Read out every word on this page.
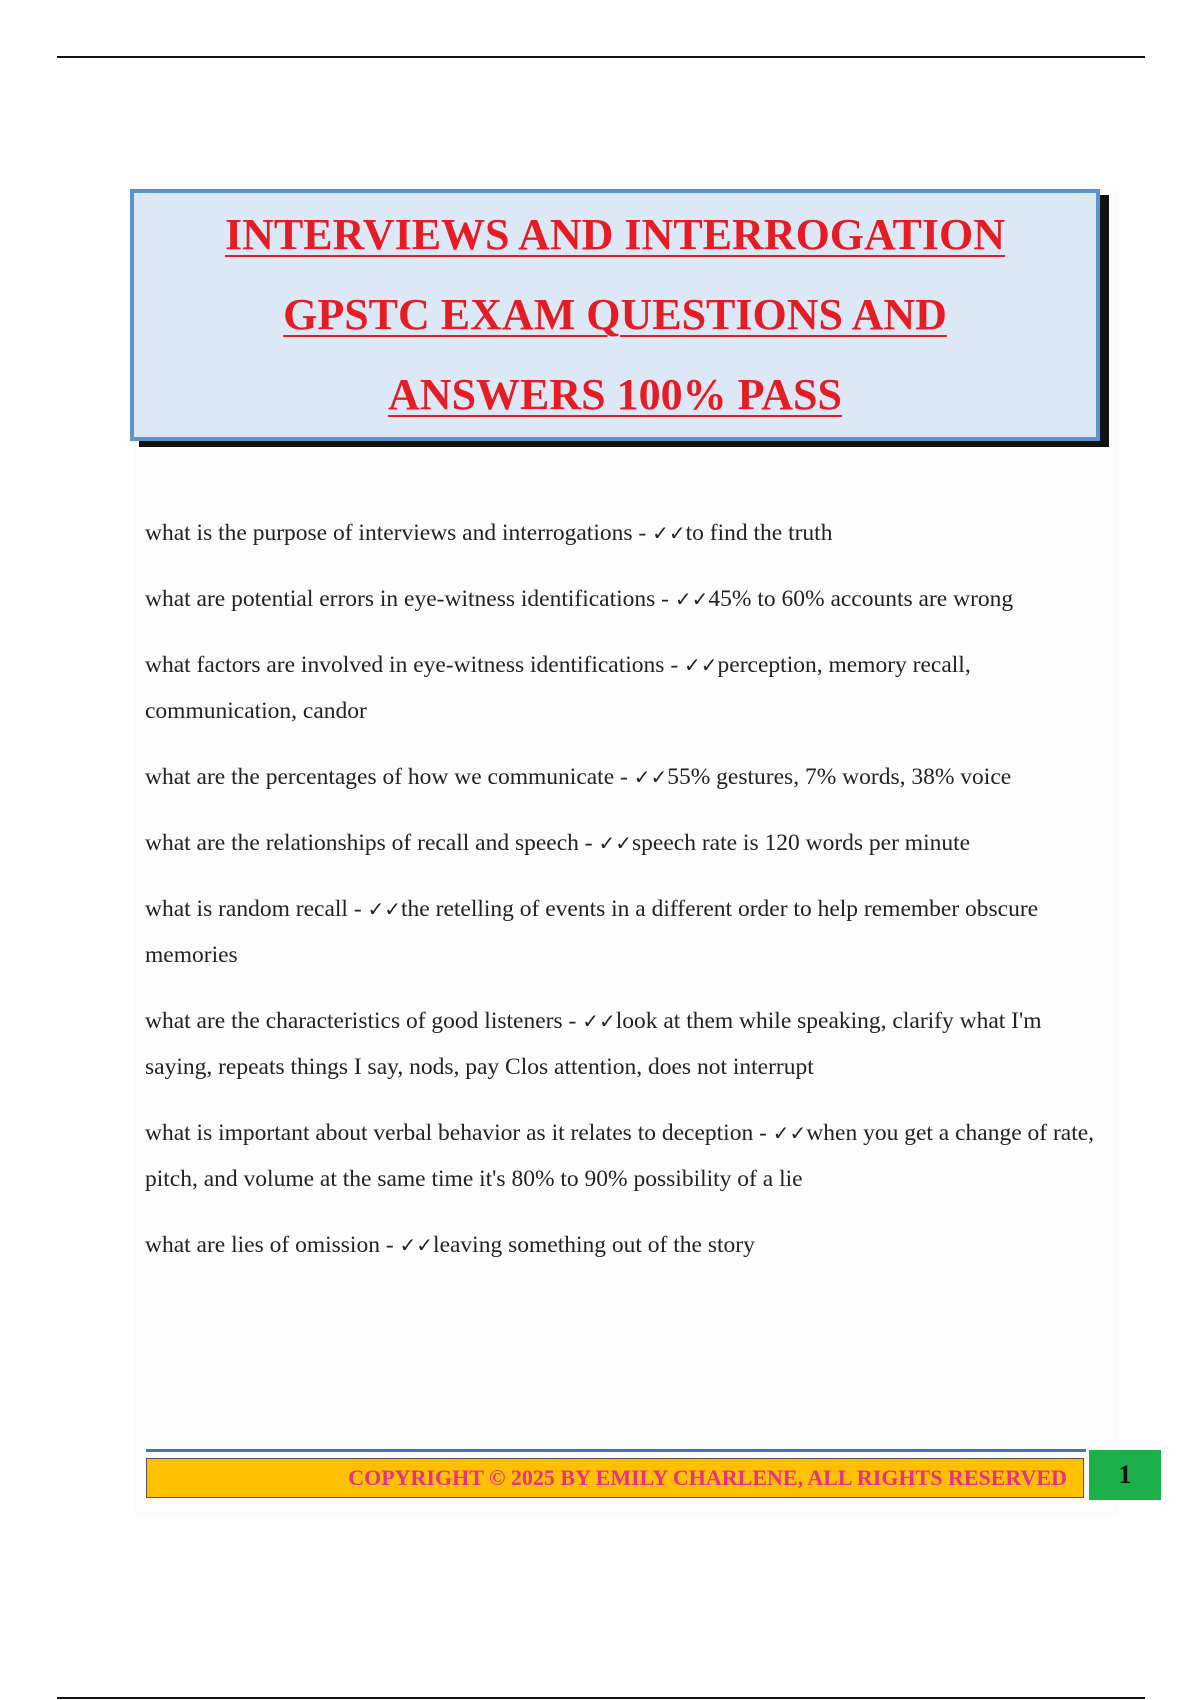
INTERVIEWS AND INTERROGATION
GPSTC EXAM QUESTIONS AND
ANSWERS 100% PASS

what is the purpose of interviews and interrogations - ✓✓to find the truth

what are potential errors in eye-witness identifications - ✓✓45% to 60% accounts are wrong

what factors are involved in eye-witness identifications - ✓✓perception, memory recall, communication, candor

what are the percentages of how we communicate - ✓✓55% gestures, 7% words, 38% voice

what are the relationships of recall and speech - ✓✓speech rate is 120 words per minute

what is random recall - ✓✓the retelling of events in a different order to help remember obscure memories

what are the characteristics of good listeners - ✓✓look at them while speaking, clarify what I'm saying, repeats things I say, nods, pay Clos attention, does not interrupt

what is important about verbal behavior as it relates to deception - ✓✓when you get a change of rate, pitch, and volume at the same time it's 80% to 90% possibility of a lie

what are lies of omission - ✓✓leaving something out of the story

COPYRIGHT © 2025 BY EMILY CHARLENE, ALL RIGHTS RESERVED	1
